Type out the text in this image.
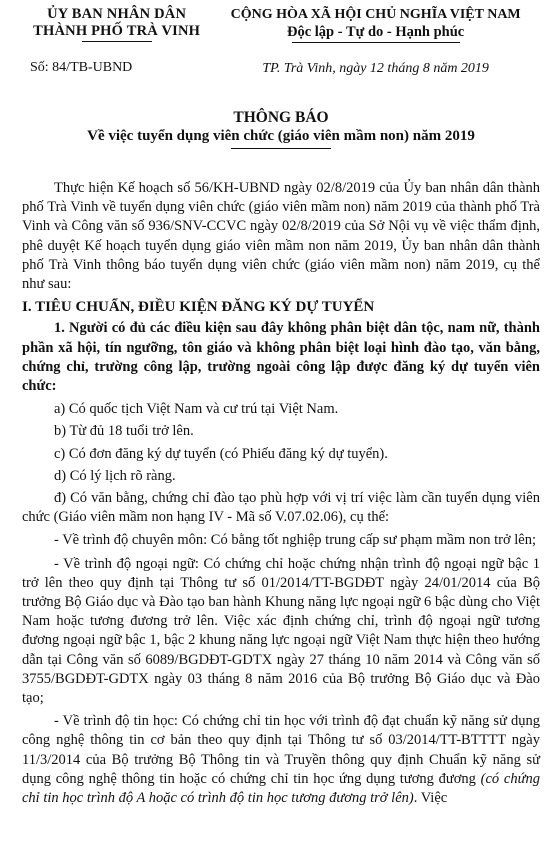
ỦY BAN NHÂN DÂN
THÀNH PHỐ TRÀ VINH
Số: 84/TB-UBND
CỘNG HÒA XÃ HỘI CHỦ NGHĨA VIỆT NAM
Độc lập - Tự do - Hạnh phúc
TP. Trà Vinh, ngày 12 tháng 8 năm 2019
THÔNG BÁO
Về việc tuyển dụng viên chức (giáo viên mầm non) năm 2019

Thực hiện Kế hoạch số 56/KH-UBND ngày 02/8/2019 của Ủy ban nhân dân thành phố Trà Vinh về tuyển dụng viên chức (giáo viên mầm non) năm 2019 của thành phố Trà Vinh và Công văn số 936/SNV-CCVC ngày 02/8/2019 của Sở Nội vụ về việc thẩm định, phê duyệt Kế hoạch tuyển dụng giáo viên mầm non năm 2019, Ủy ban nhân dân thành phố Trà Vinh thông báo tuyển dụng viên chức (giáo viên mầm non) năm 2019, cụ thể như sau:

I. TIÊU CHUẨN, ĐIỀU KIỆN ĐĂNG KÝ DỰ TUYỂN

1. Người có đủ các điều kiện sau đây không phân biệt dân tộc, nam nữ, thành phần xã hội, tín ngưỡng, tôn giáo và không phân biệt loại hình đào tạo, văn bằng, chứng chỉ, trường công lập, trường ngoài công lập được đăng ký dự tuyển viên chức:

a) Có quốc tịch Việt Nam và cư trú tại Việt Nam.

b) Từ đủ 18 tuổi trở lên.

c) Có đơn đăng ký dự tuyển (có Phiếu đăng ký dự tuyển).

d) Có lý lịch rõ ràng.

đ) Có văn bằng, chứng chỉ đào tạo phù hợp với vị trí việc làm cần tuyển dụng viên chức (Giáo viên mầm non hạng IV - Mã số V.07.02.06), cụ thể:

- Về trình độ chuyên môn: Có bằng tốt nghiệp trung cấp sư phạm mầm non trở lên;

- Về trình độ ngoại ngữ: Có chứng chỉ hoặc chứng nhận trình độ ngoại ngữ bậc 1 trở lên theo quy định tại Thông tư số 01/2014/TT-BGDĐT ngày 24/01/2014 của Bộ trưởng Bộ Giáo dục và Đào tạo ban hành Khung năng lực ngoại ngữ 6 bậc dùng cho Việt Nam hoặc tương đương trở lên. Việc xác định chứng chỉ, trình độ ngoại ngữ tương đương ngoại ngữ bậc 1, bậc 2 khung năng lực ngoại ngữ Việt Nam thực hiện theo hướng dẫn tại Công văn số 6089/BGDĐT-GDTX ngày 27 tháng 10 năm 2014 và Công văn số 3755/BGDĐT-GDTX ngày 03 tháng 8 năm 2016 của Bộ trưởng Bộ Giáo dục và Đào tạo;

- Về trình độ tin học: Có chứng chỉ tin học với trình độ đạt chuẩn kỹ năng sử dụng công nghệ thông tin cơ bản theo quy định tại Thông tư số 03/2014/TT-BTTTT ngày 11/3/2014 của Bộ trưởng Bộ Thông tin và Truyền thông quy định Chuẩn kỹ năng sử dụng công nghệ thông tin hoặc có chứng chỉ tin học ứng dụng tương đương (có chứng chỉ tin học trình độ A hoặc có trình độ tin học tương đương trở lên). Việc
